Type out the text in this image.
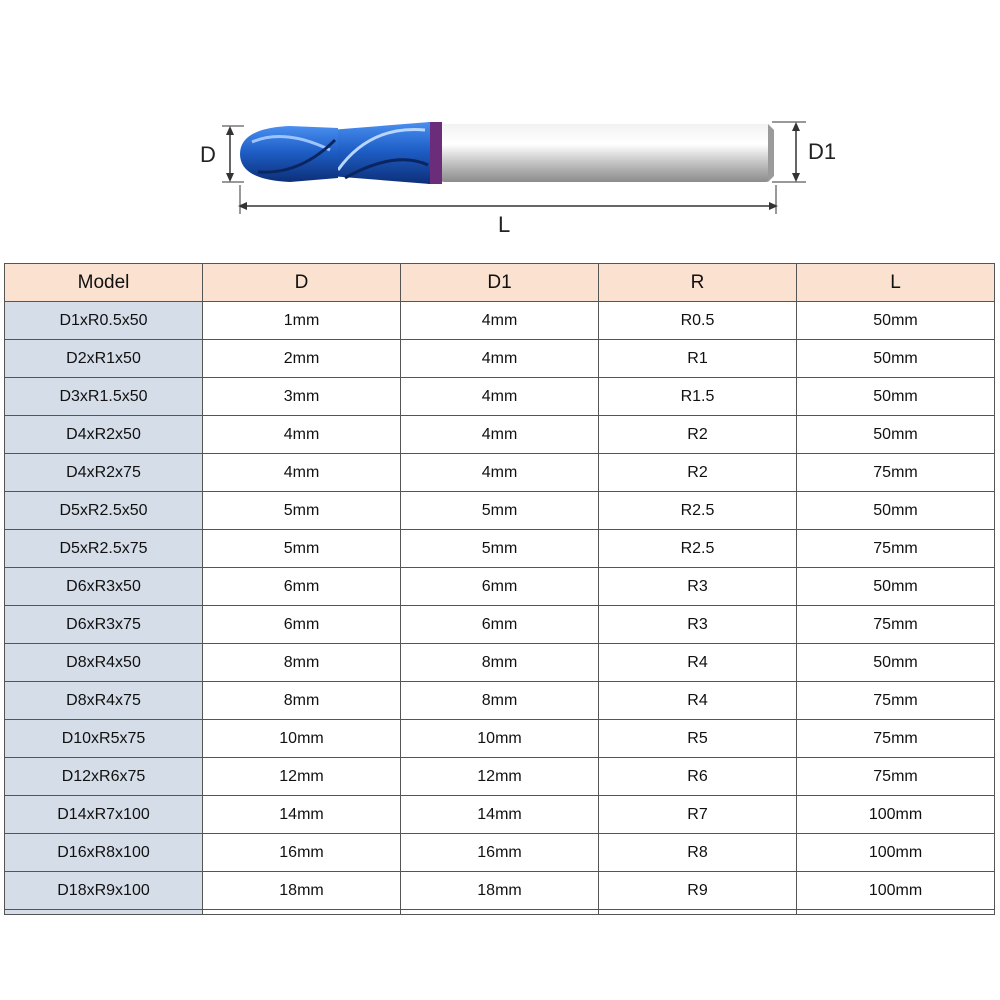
D	D1
L
Model	D	D1	R	L
D1xR0.5x50	1mm	4mm	R0.5	50mm
D2xR1x50	2mm	4mm	R1	50mm
D3xR1.5x50	3mm	4mm	R1.5	50mm
D4xR2x50	4mm	4mm	R2	50mm
D4xR2x75	4mm	4mm	R2	75mm
D5xR2.5x50	5mm	5mm	R2.5	50mm
D5xR2.5x75	5mm	5mm	R2.5	75mm
D6xR3x50	6mm	6mm	R3	50mm
D6xR3x75	6mm	6mm	R3	75mm
D8xR4x50	8mm	8mm	R4	50mm
D8xR4x75	8mm	8mm	R4	75mm
D10xR5x75	10mm	10mm	R5	75mm
D12xR6x75	12mm	12mm	R6	75mm
D14xR7x100	14mm	14mm	R7	100mm
D16xR8x100	16mm	16mm	R8	100mm
D18xR9x100	18mm	18mm	R9	100mm
